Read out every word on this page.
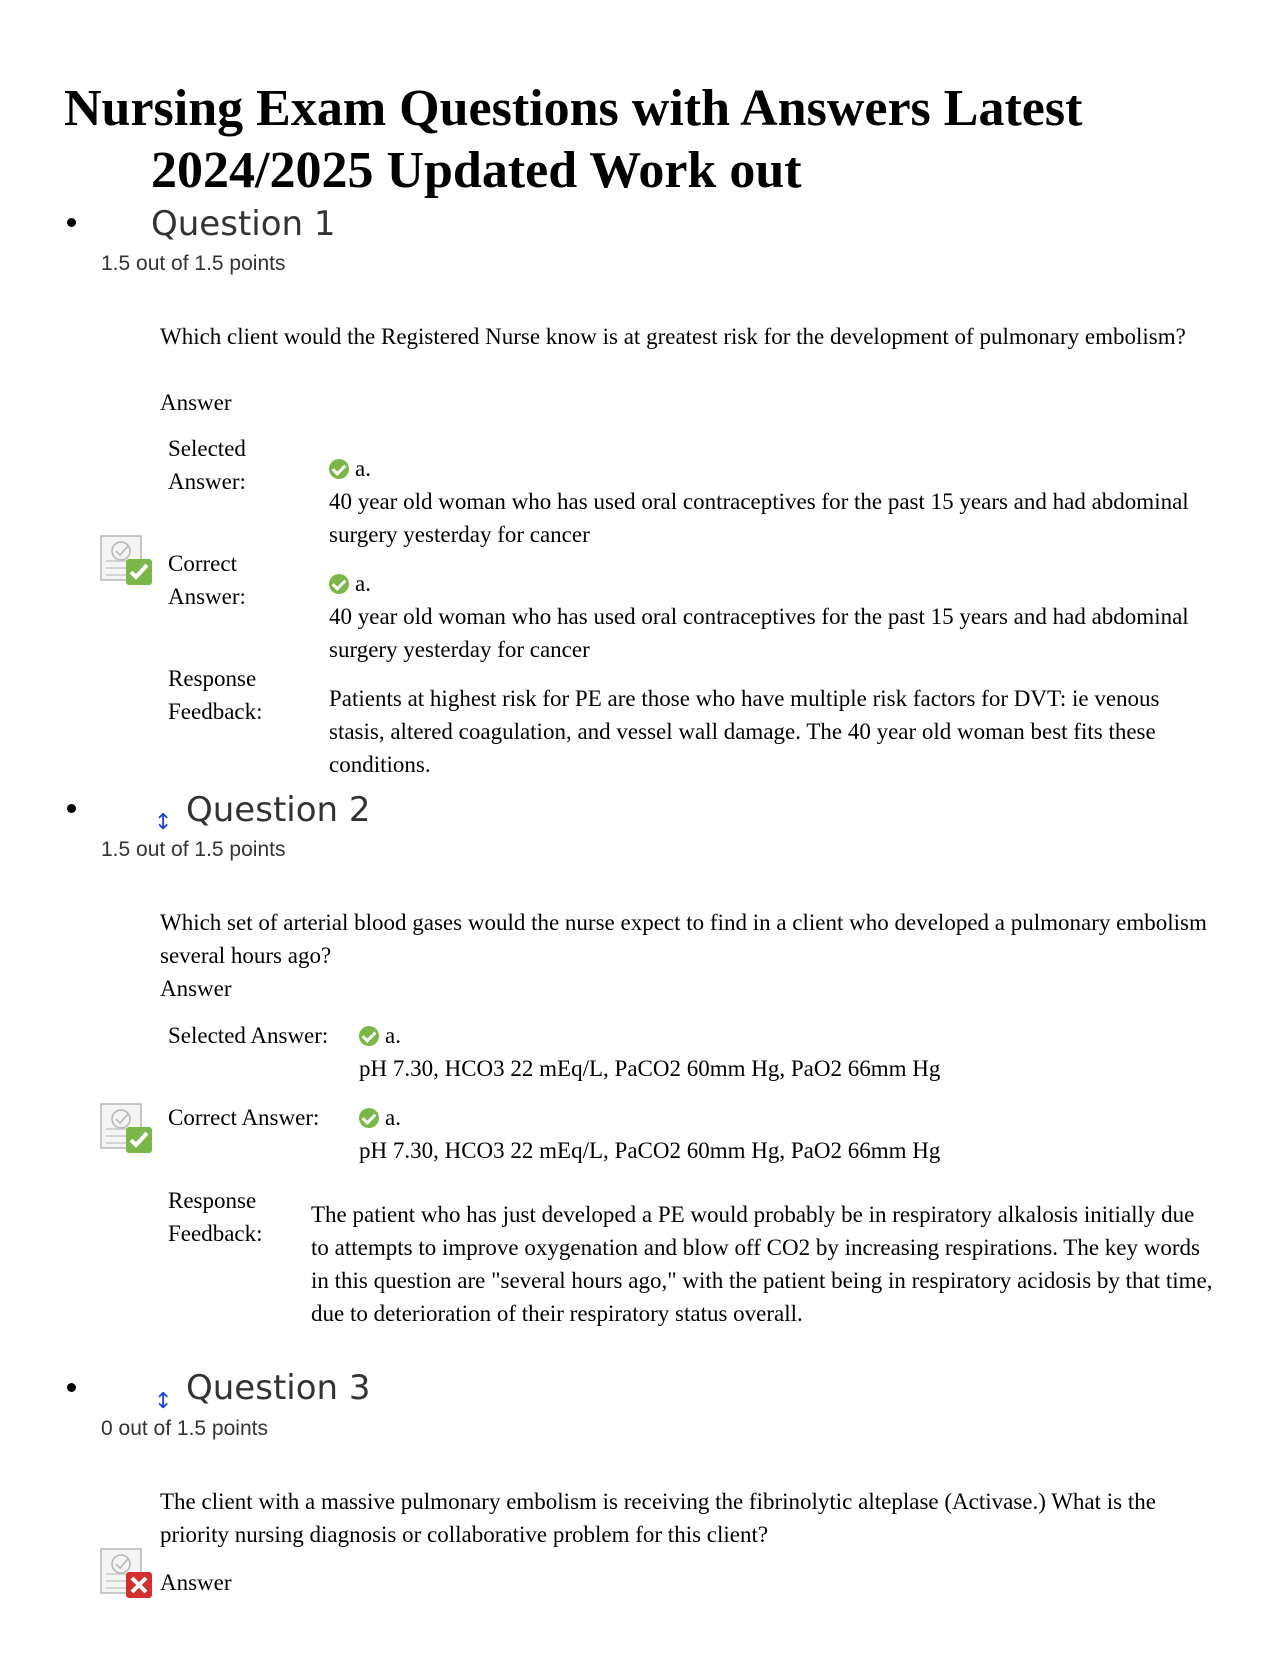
Nursing Exam Questions with Answers Latest
2024/2025 Updated Work out
Question 1
1.5 out of 1.5 points
Which client would the Registered Nurse know is at greatest risk for the development of pulmonary embolism?
Answer
Selected Answer:
a.
40 year old woman who has used oral contraceptives for the past 15 years and had abdominal surgery yesterday for cancer
Correct Answer:
a.
40 year old woman who has used oral contraceptives for the past 15 years and had abdominal surgery yesterday for cancer
Response Feedback:
Patients at highest risk for PE are those who have multiple risk factors for DVT: ie venous stasis, altered coagulation, and vessel wall damage. The 40 year old woman best fits these conditions.
↕ Question 2
1.5 out of 1.5 points
Which set of arterial blood gases would the nurse expect to find in a client who developed a pulmonary embolism several hours ago?
Answer
Selected Answer:	a.
pH 7.30, HCO3 22 mEq/L, PaCO2 60mm Hg, PaO2 66mm Hg
Correct Answer:	a.
pH 7.30, HCO3 22 mEq/L, PaCO2 60mm Hg, PaO2 66mm Hg
Response Feedback:
The patient who has just developed a PE would probably be in respiratory alkalosis initially due to attempts to improve oxygenation and blow off CO2 by increasing respirations. The key words in this question are "several hours ago," with the patient being in respiratory acidosis by that time, due to deterioration of their respiratory status overall.
↕ Question 3
0 out of 1.5 points
The client with a massive pulmonary embolism is receiving the fibrinolytic alteplase (Activase.) What is the priority nursing diagnosis or collaborative problem for this client?
Answer
